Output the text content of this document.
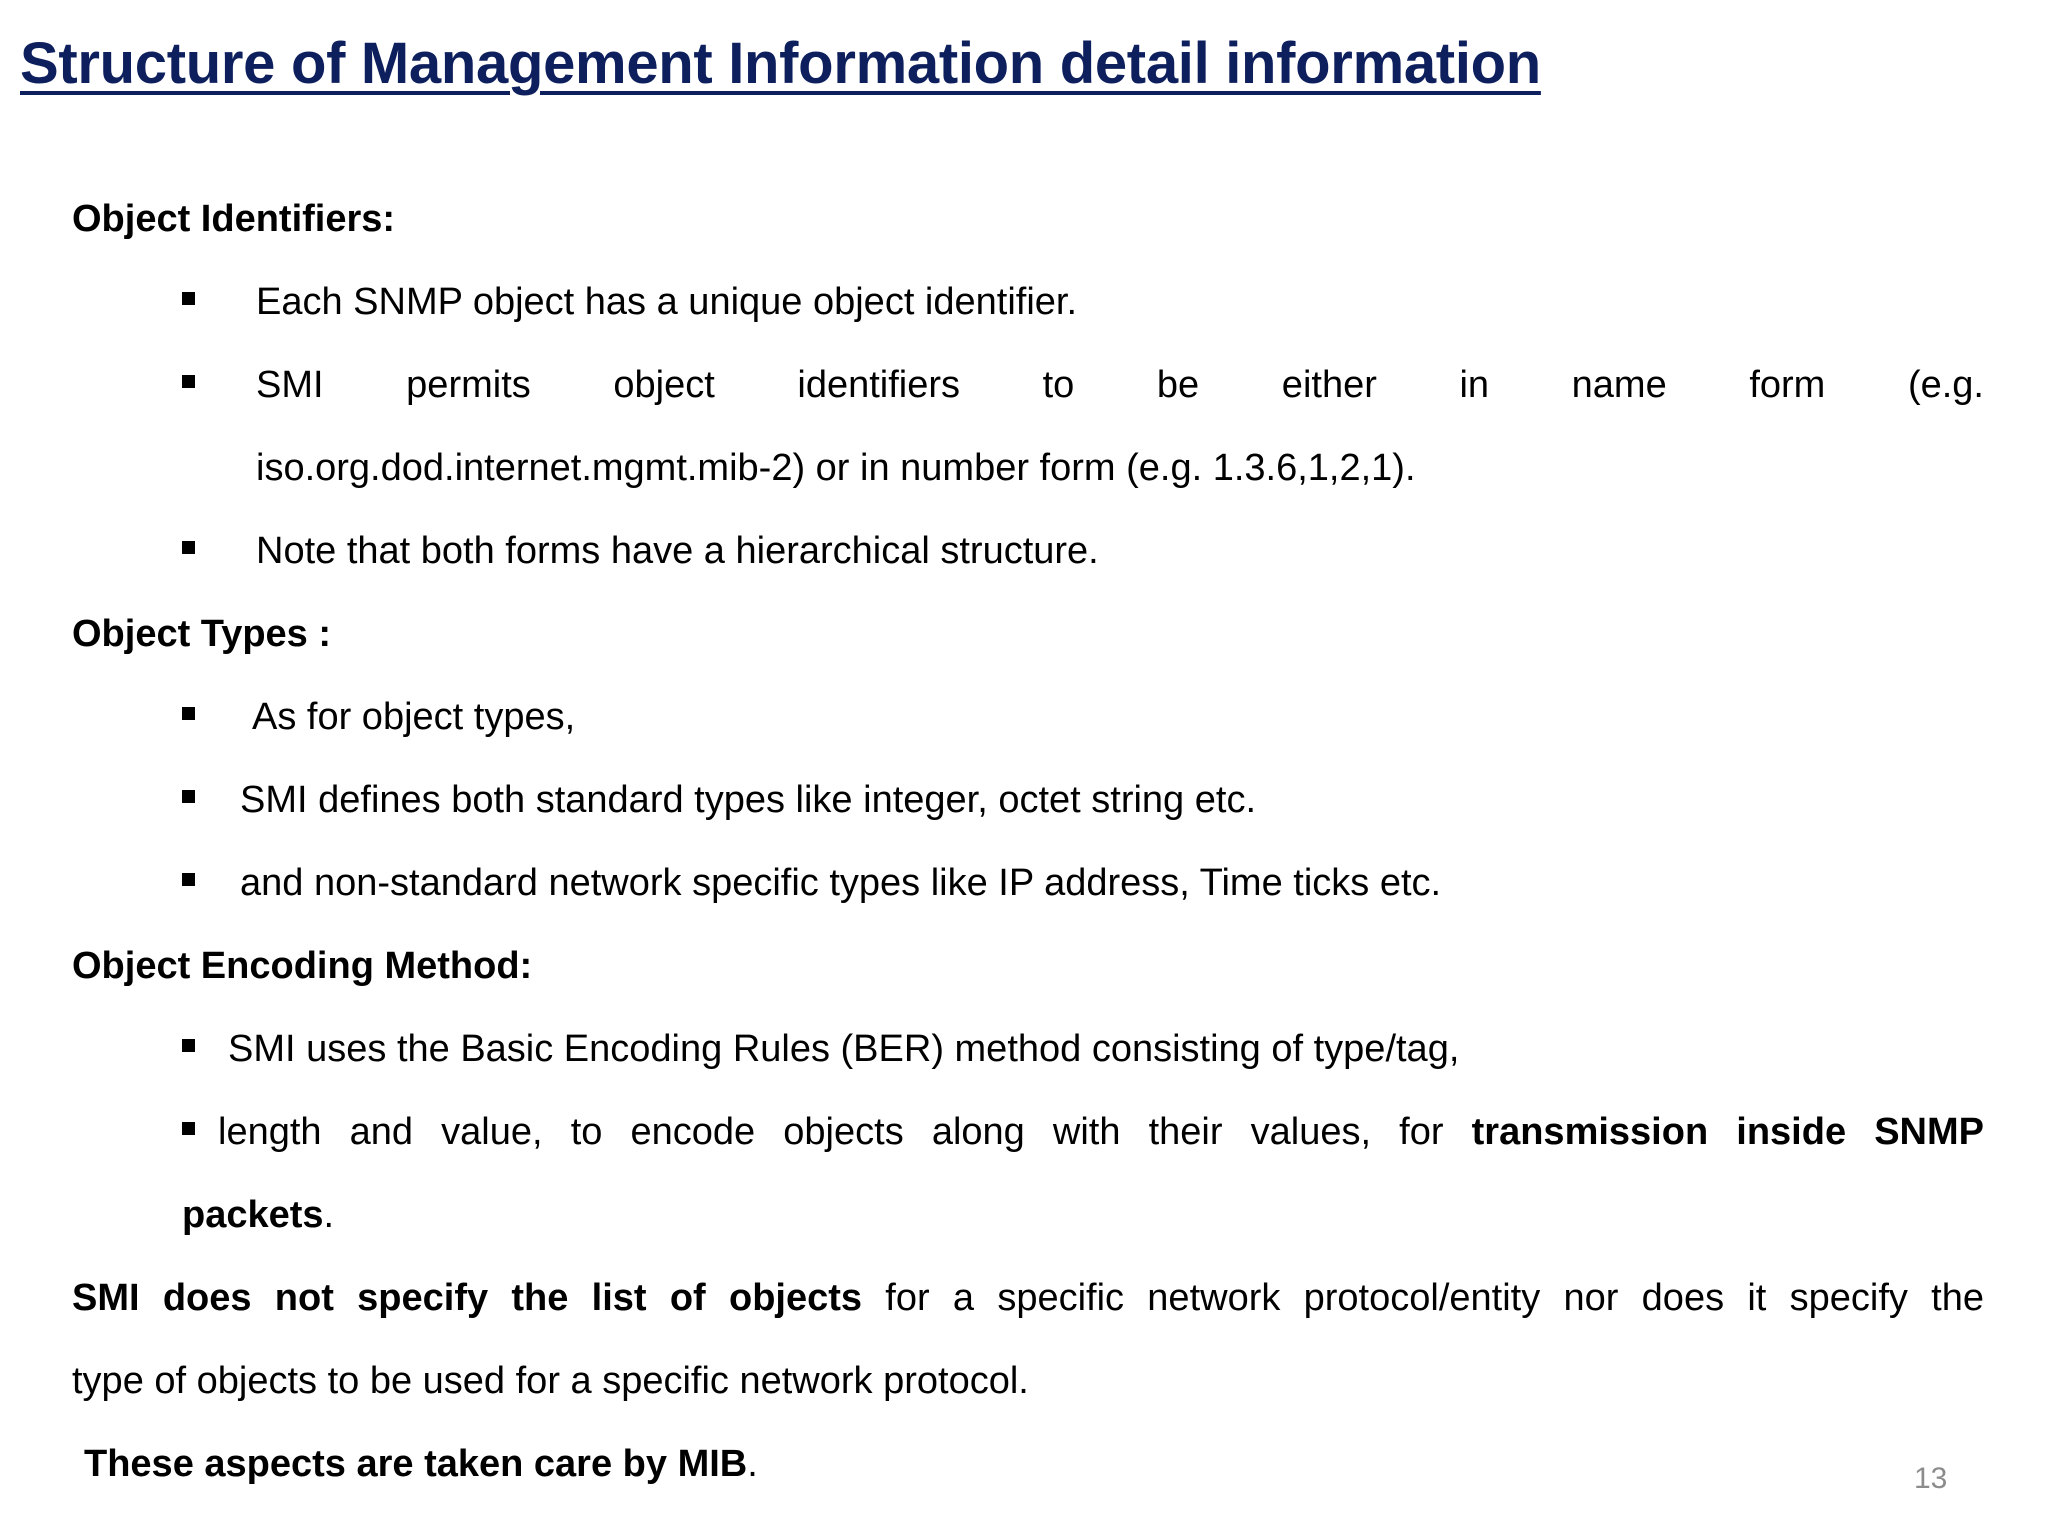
Structure of Management Information detail information

Object Identifiers:

Each SNMP object has a unique object identifier.
SMI permits object identifiers to be either in name form (e.g.
iso.org.dod.internet.mgmt.mib-2) or in number form (e.g. 1.3.6,1,2,1).
Note that both forms have a hierarchical structure.

Object Types :

As for object types,
SMI defines both standard types like integer, octet string etc.
and non-standard network specific types like IP address, Time ticks etc.

Object Encoding Method:

SMI uses the Basic Encoding Rules (BER) method consisting of type/tag,
length and value, to encode objects along with their values, for transmission inside SNMP
packets.

SMI does not specify the list of objects for a specific network protocol/entity nor does it specify the
type of objects to be used for a specific network protocol.

These aspects are taken care by MIB.	13
